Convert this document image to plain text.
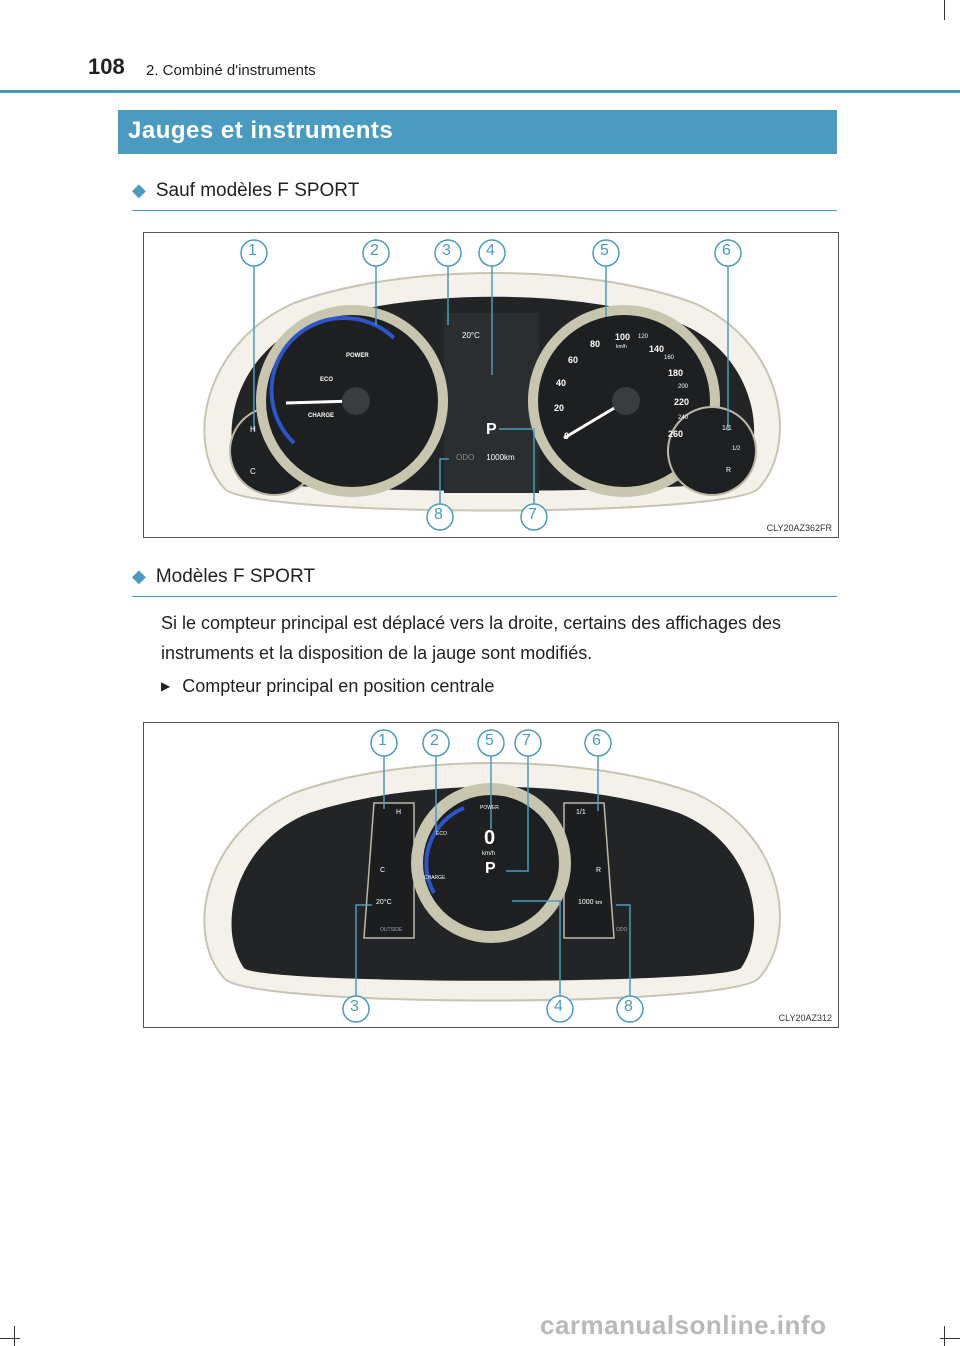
108 2. Combiné d'instruments
Jauges et instruments
◆ Sauf modèles F SPORT
1	2	3 4	5	6
7
8
POWER
ECO
CHARGE
H
C
20°C
P
ODO 1000km
0
20
40
60
80
100 120
140
160
180
200
220
240
260
km/h
1/1
1/2
R
CLY20AZ362FR
◆ Modèles F SPORT
Si le compteur principal est déplacé vers la droite, certains des affichages des instruments et la disposition de la jauge sont modifiés.
▶ Compteur principal en position centrale
1	2	5 7	6
3	4	8
0
km/h
P
POWER
ECO
CHARGE
H
C
20°C
OUTSIDE
1/1
R
1000 km
ODO
CLY20AZ312
carmanualsonline.info
